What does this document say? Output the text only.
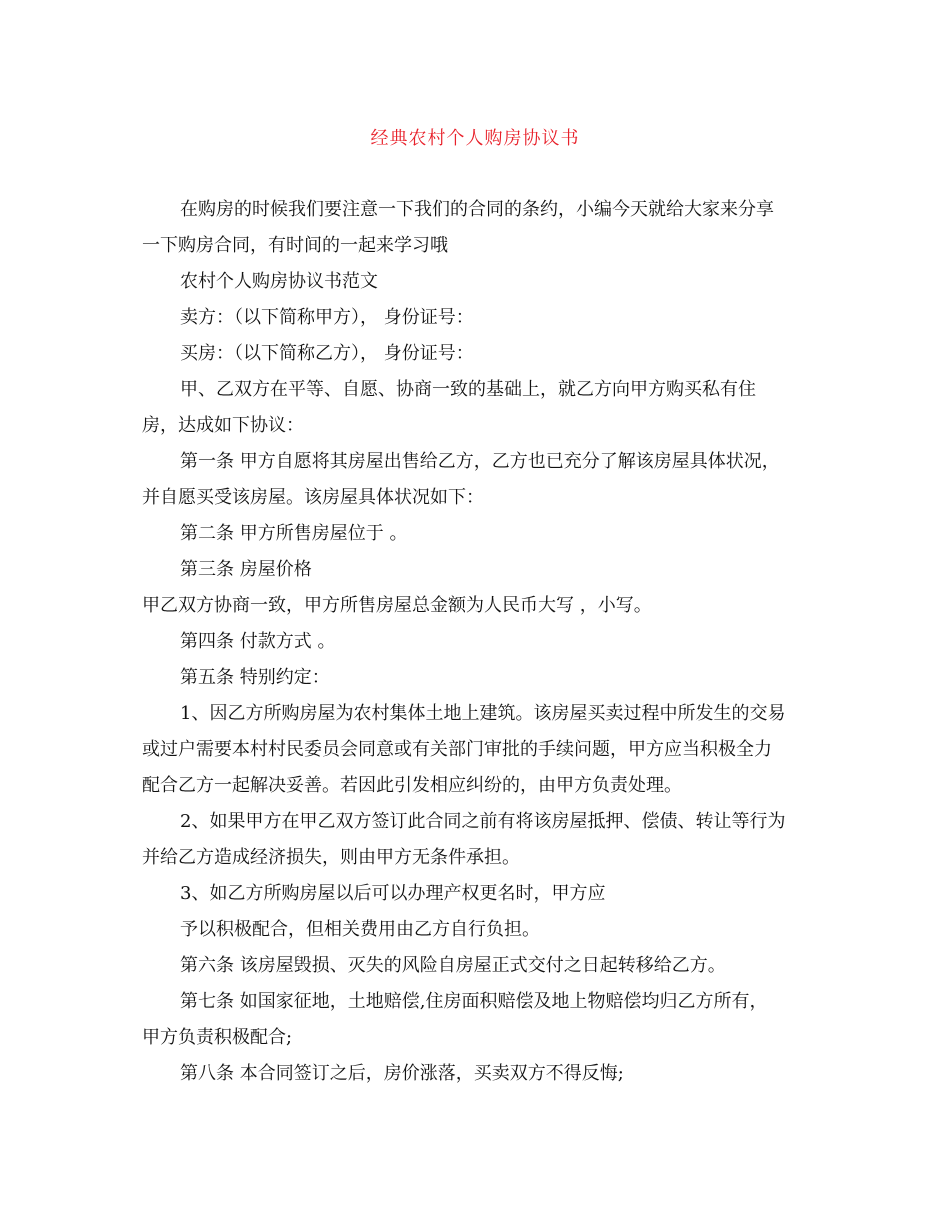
经典农村个人购房协议书
在购房的时候我们要注意一下我们的合同的条约，小编今天就给大家来分享
一下购房合同，有时间的一起来学习哦
农村个人购房协议书范文
卖方：（以下简称甲方）， 身份证号：
买房：（以下简称乙方）， 身份证号：
甲、乙双方在平等、自愿、协商一致的基础上，就乙方向甲方购买私有住
房，达成如下协议：
第一条 甲方自愿将其房屋出售给乙方，乙方也已充分了解该房屋具体状况，
并自愿买受该房屋。该房屋具体状况如下：
第二条 甲方所售房屋位于 。
第三条 房屋价格
甲乙双方协商一致，甲方所售房屋总金额为人民币大写 ，小写。
第四条 付款方式 。
第五条 特别约定：
1、因乙方所购房屋为农村集体土地上建筑。该房屋买卖过程中所发生的交易
或过户需要本村村民委员会同意或有关部门审批的手续问题，甲方应当积极全力
配合乙方一起解决妥善。若因此引发相应纠纷的，由甲方负责处理。
2、如果甲方在甲乙双方签订此合同之前有将该房屋抵押、偿债、转让等行为
并给乙方造成经济损失，则由甲方无条件承担。
3、如乙方所购房屋以后可以办理产权更名时，甲方应
予以积极配合，但相关费用由乙方自行负担。
第六条 该房屋毁损、灭失的风险自房屋正式交付之日起转移给乙方。
第七条 如国家征地，土地赔偿,住房面积赔偿及地上物赔偿均归乙方所有，
甲方负责积极配合;
第八条 本合同签订之后，房价涨落，买卖双方不得反悔;
